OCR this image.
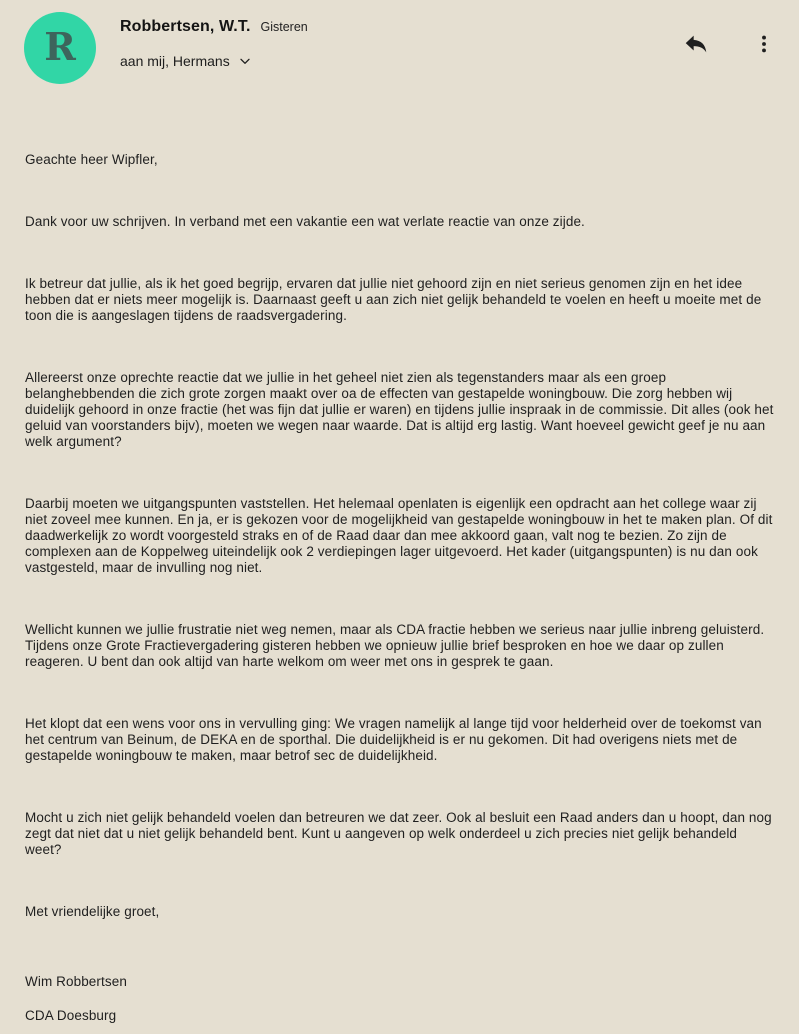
R	Robbertsen, W.T. Gisteren
aan mij, Hermans

Geachte heer Wipfler,

Dank voor uw schrijven. In verband met een vakantie een wat verlate reactie van onze zijde.

Ik betreur dat jullie, als ik het goed begrijp, ervaren dat jullie niet gehoord zijn en niet serieus genomen zijn en het idee hebben dat er niets meer mogelijk is. Daarnaast geeft u aan zich niet gelijk behandeld te voelen en heeft u moeite met de toon die is aangeslagen tijdens de raadsvergadering.

Allereerst onze oprechte reactie dat we jullie in het geheel niet zien als tegenstanders maar als een groep belanghebbenden die zich grote zorgen maakt over oa de effecten van gestapelde woningbouw. Die zorg hebben wij duidelijk gehoord in onze fractie (het was fijn dat jullie er waren) en tijdens jullie inspraak in de commissie. Dit alles (ook het geluid van voorstanders bijv), moeten we wegen naar waarde. Dat is altijd erg lastig. Want hoeveel gewicht geef je nu aan welk argument?

Daarbij moeten we uitgangspunten vaststellen. Het helemaal openlaten is eigenlijk een opdracht aan het college waar zij niet zoveel mee kunnen. En ja, er is gekozen voor de mogelijkheid van gestapelde woningbouw in het te maken plan. Of dit daadwerkelijk zo wordt voorgesteld straks en of de Raad daar dan mee akkoord gaan, valt nog te bezien. Zo zijn de complexen aan de Koppelweg uiteindelijk ook 2 verdiepingen lager uitgevoerd. Het kader (uitgangspunten) is nu dan ook vastgesteld, maar de invulling nog niet.

Wellicht kunnen we jullie frustratie niet weg nemen, maar als CDA fractie hebben we serieus naar jullie inbreng geluisterd. Tijdens onze Grote Fractievergadering gisteren hebben we opnieuw jullie brief besproken en hoe we daar op zullen reageren. U bent dan ook altijd van harte welkom om weer met ons in gesprek te gaan.

Het klopt dat een wens voor ons in vervulling ging: We vragen namelijk al lange tijd voor helderheid over de toekomst van het centrum van Beinum, de DEKA en de sporthal. Die duidelijkheid is er nu gekomen. Dit had overigens niets met de gestapelde woningbouw te maken, maar betrof sec de duidelijkheid.

Mocht u zich niet gelijk behandeld voelen dan betreuren we dat zeer. Ook al besluit een Raad anders dan u hoopt, dan nog zegt dat niet dat u niet gelijk behandeld bent. Kunt u aangeven op welk onderdeel u zich precies niet gelijk behandeld weet?

Met vriendelijke groet,

Wim Robbertsen

CDA Doesburg
